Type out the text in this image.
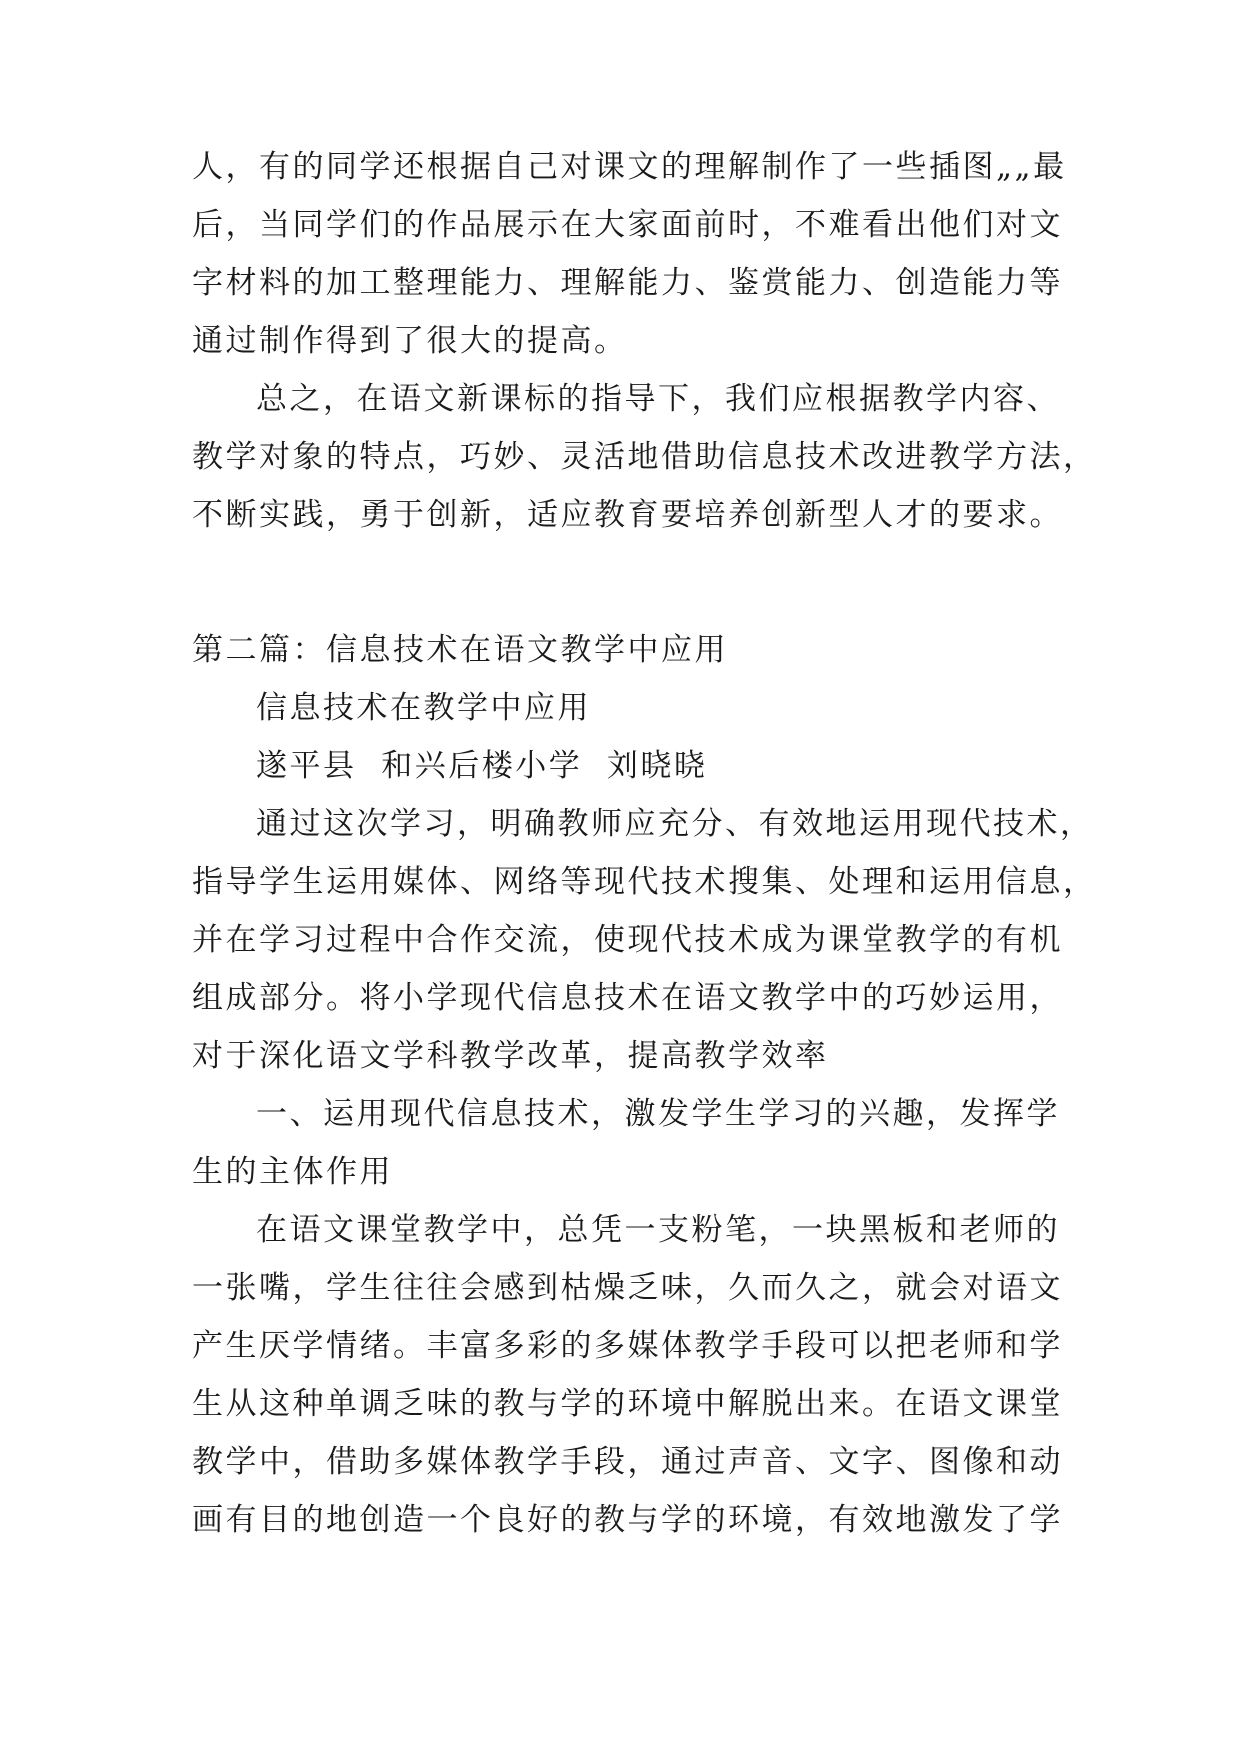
人，有的同学还根据自己对课文的理解制作了一些插图„„最
后，当同学们的作品展示在大家面前时，不难看出他们对文
字材料的加工整理能力、理解能力、鉴赏能力、创造能力等
通过制作得到了很大的提高。
总之，在语文新课标的指导下，我们应根据教学内容、
教学对象的特点，巧妙、灵活地借助信息技术改进教学方法，
不断实践，勇于创新，适应教育要培养创新型人才的要求。
第二篇：信息技术在语文教学中应用
信息技术在教学中应用
遂平县  和兴后楼小学  刘晓晓
通过这次学习，明确教师应充分、有效地运用现代技术，
指导学生运用媒体、网络等现代技术搜集、处理和运用信息，
并在学习过程中合作交流，使现代技术成为课堂教学的有机
组成部分。将小学现代信息技术在语文教学中的巧妙运用，
对于深化语文学科教学改革，提高教学效率
一、运用现代信息技术，激发学生学习的兴趣，发挥学
生的主体作用
在语文课堂教学中，总凭一支粉笔，一块黑板和老师的
一张嘴，学生往往会感到枯燥乏味，久而久之，就会对语文
产生厌学情绪。丰富多彩的多媒体教学手段可以把老师和学
生从这种单调乏味的教与学的环境中解脱出来。在语文课堂
教学中，借助多媒体教学手段，通过声音、文字、图像和动
画有目的地创造一个良好的教与学的环境，有效地激发了学
